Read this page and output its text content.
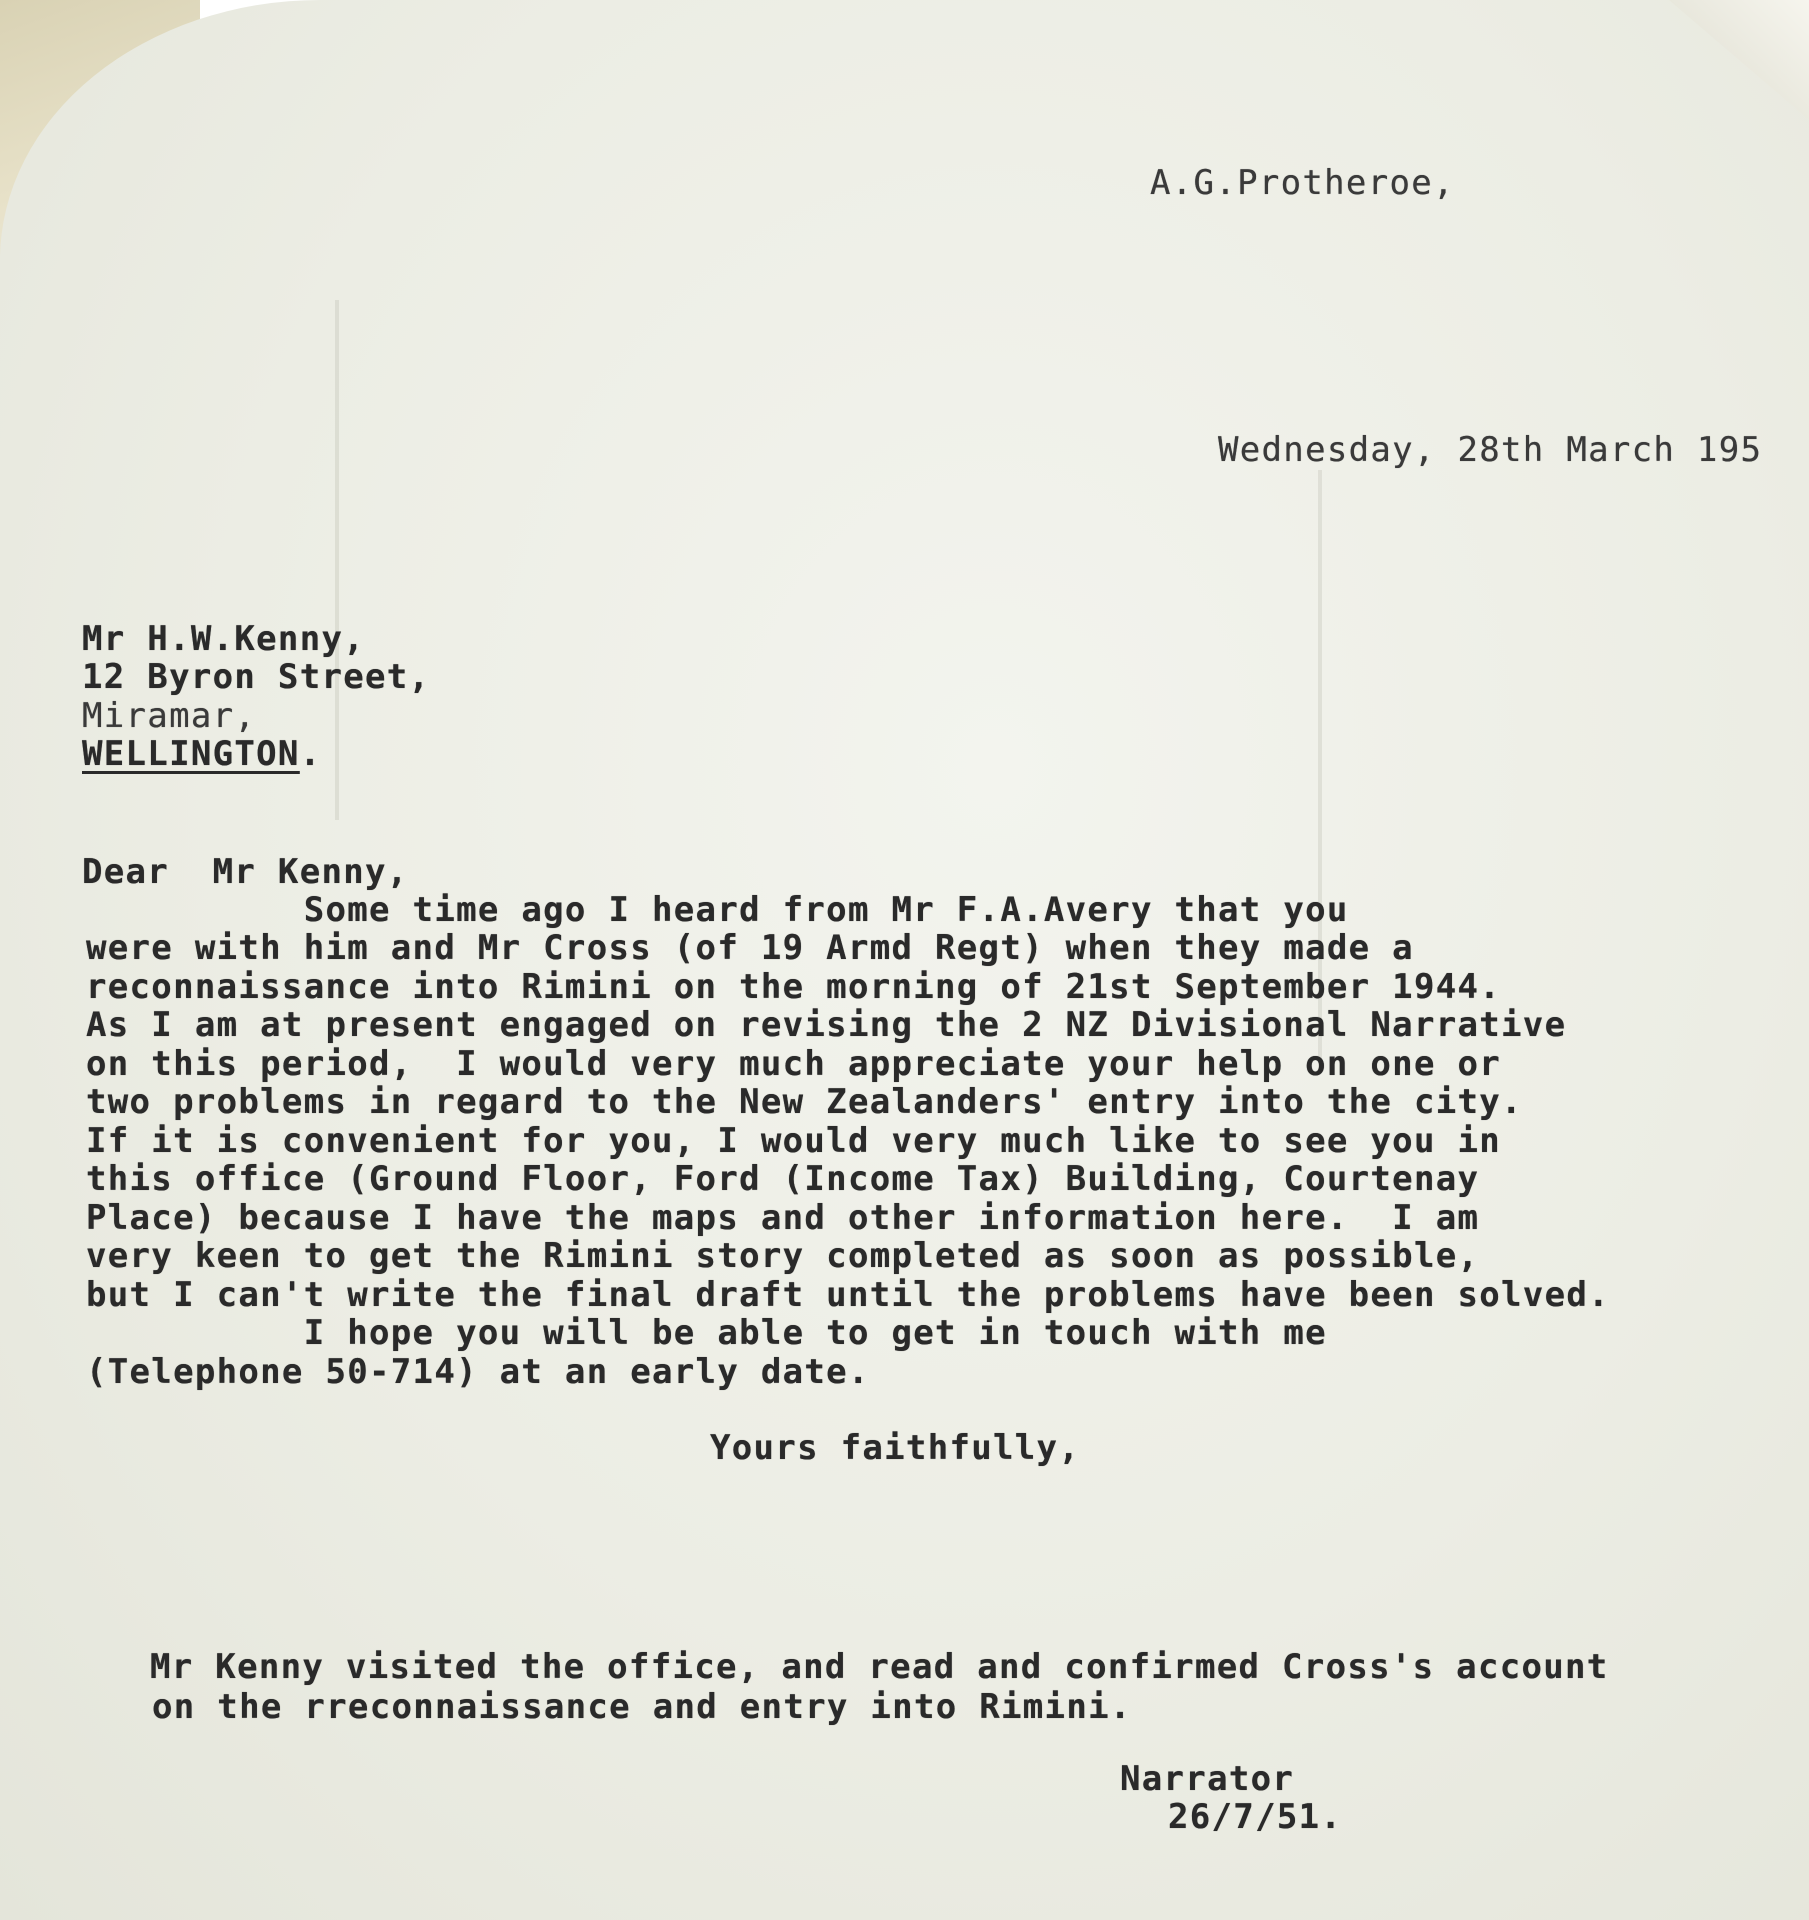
A.G.Protheroe,
Wednesday, 28th March 195
Mr H.W.Kenny,
12 Byron Street,
Miramar,
WELLINGTON.
Dear  Mr Kenny,
Some time ago I heard from Mr F.A.Avery that you
were with him and Mr Cross (of 19 Armd Regt) when they made a
reconnaissance into Rimini on the morning of 21st September 1944.
As I am at present engaged on revising the 2 NZ Divisional Narrative
on this period,  I would very much appreciate your help on one or
two problems in regard to the New Zealanders' entry into the city.
If it is convenient for you, I would very much like to see you in
this office (Ground Floor, Ford (Income Tax) Building, Courtenay
Place) because I have the maps and other information here.  I am
very keen to get the Rimini story completed as soon as possible,
but I can't write the final draft until the problems have been solved.
I hope you will be able to get in touch with me
(Telephone 50-714) at an early date.
Yours faithfully,
Mr Kenny visited the office, and read and confirmed Cross's account
on the rreconnaissance and entry into Rimini.
Narrator
26/7/51.
